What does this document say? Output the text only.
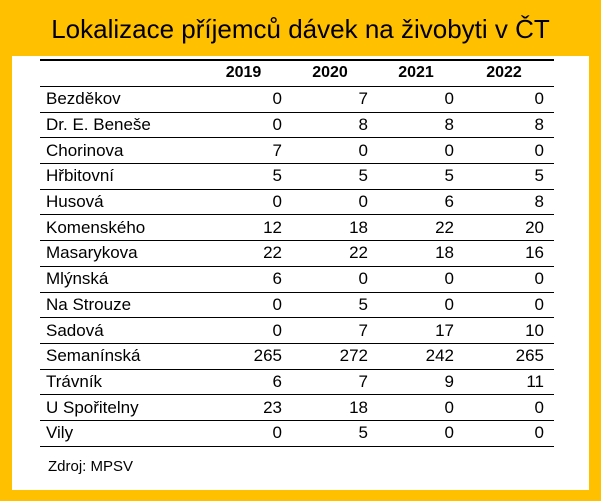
Lokalizace příjemců dávek na živobyti v ČT
	2019	2020	2021	2022
Bezděkov	0	7	0	0
Dr. E. Beneše	0	8	8	8
Chorinova	7	0	0	0
Hřbitovní	5	5	5	5
Husová	0	0	6	8
Komenského	12	18	22	20
Masarykova	22	22	18	16
Mlýnská	6	0	0	0
Na Strouze	0	5	0	0
Sadová	0	7	17	10
Semanínská	265	272	242	265
Trávník	6	7	9	11
U Spořitelny	23	18	0	0
Vily	0	5	0	0
Zdroj: MPSV
